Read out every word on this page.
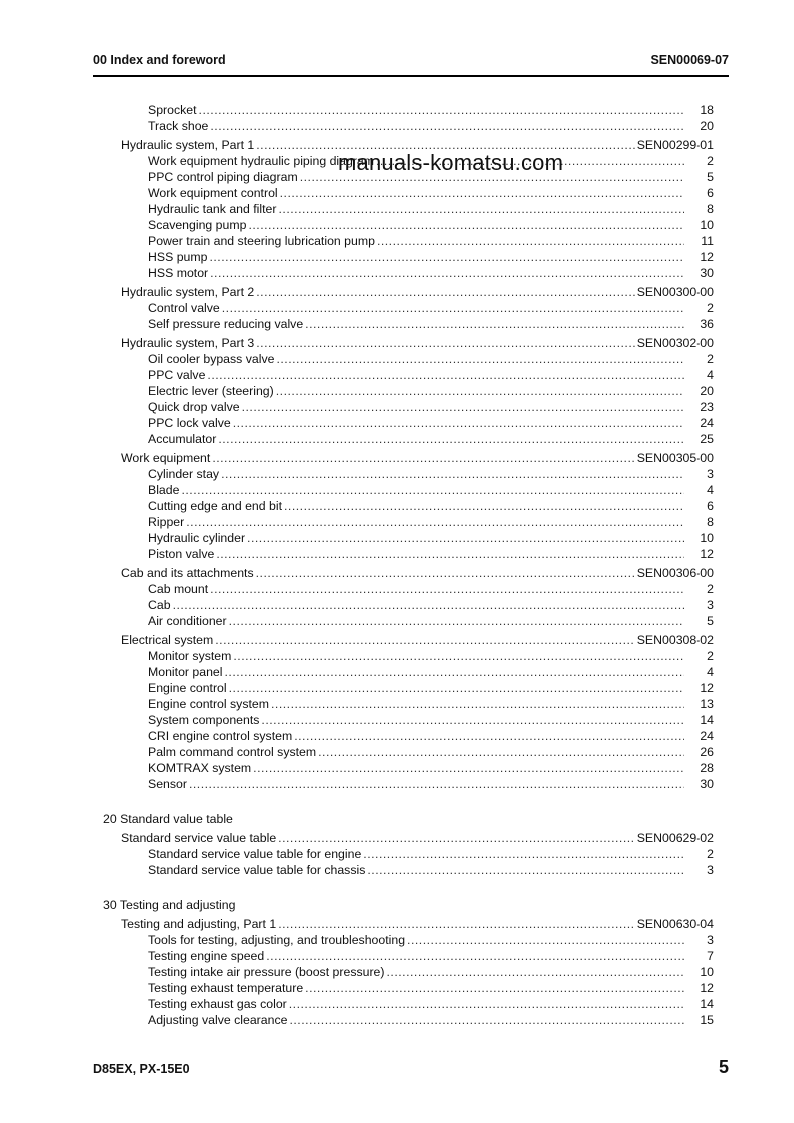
00 Index and foreword	SEN00069-07
Sprocket .....	18
Track shoe .....	20
Hydraulic system, Part 1 .....	SEN00299-01
Work equipment hydraulic piping diagram .....	2
PPC control piping diagram .....	5
Work equipment control .....	6
Hydraulic tank and filter .....	8
Scavenging pump .....	10
Power train and steering lubrication pump .....	11
HSS pump .....	12
HSS motor .....	30
Hydraulic system, Part 2 .....	SEN00300-00
Control valve .....	2
Self pressure reducing valve .....	36
Hydraulic system, Part 3 .....	SEN00302-00
Oil cooler bypass valve .....	2
PPC valve .....	4
Electric lever (steering) .....	20
Quick drop valve .....	23
PPC lock valve .....	24
Accumulator .....	25
Work equipment .....	SEN00305-00
Cylinder stay .....	3
Blade .....	4
Cutting edge and end bit .....	6
Ripper .....	8
Hydraulic cylinder .....	10
Piston valve .....	12
Cab and its attachments .....	SEN00306-00
Cab mount .....	2
Cab .....	3
Air conditioner .....	5
Electrical system .....	SEN00308-02
Monitor system .....	2
Monitor panel .....	4
Engine control .....	12
Engine control system .....	13
System components .....	14
CRI engine control system .....	24
Palm command control system .....	26
KOMTRAX system .....	28
Sensor .....	30
20 Standard value table
Standard service value table .....	SEN00629-02
Standard service value table for engine .....	2
Standard service value table for chassis .....	3
30 Testing and adjusting
Testing and adjusting, Part 1 .....	SEN00630-04
Tools for testing, adjusting, and troubleshooting .....	3
Testing engine speed .....	7
Testing intake air pressure (boost pressure) .....	10
Testing exhaust temperature .....	12
Testing exhaust gas color .....	14
Adjusting valve clearance .....	15
manuals-komatsu.com
D85EX, PX-15E0	5
